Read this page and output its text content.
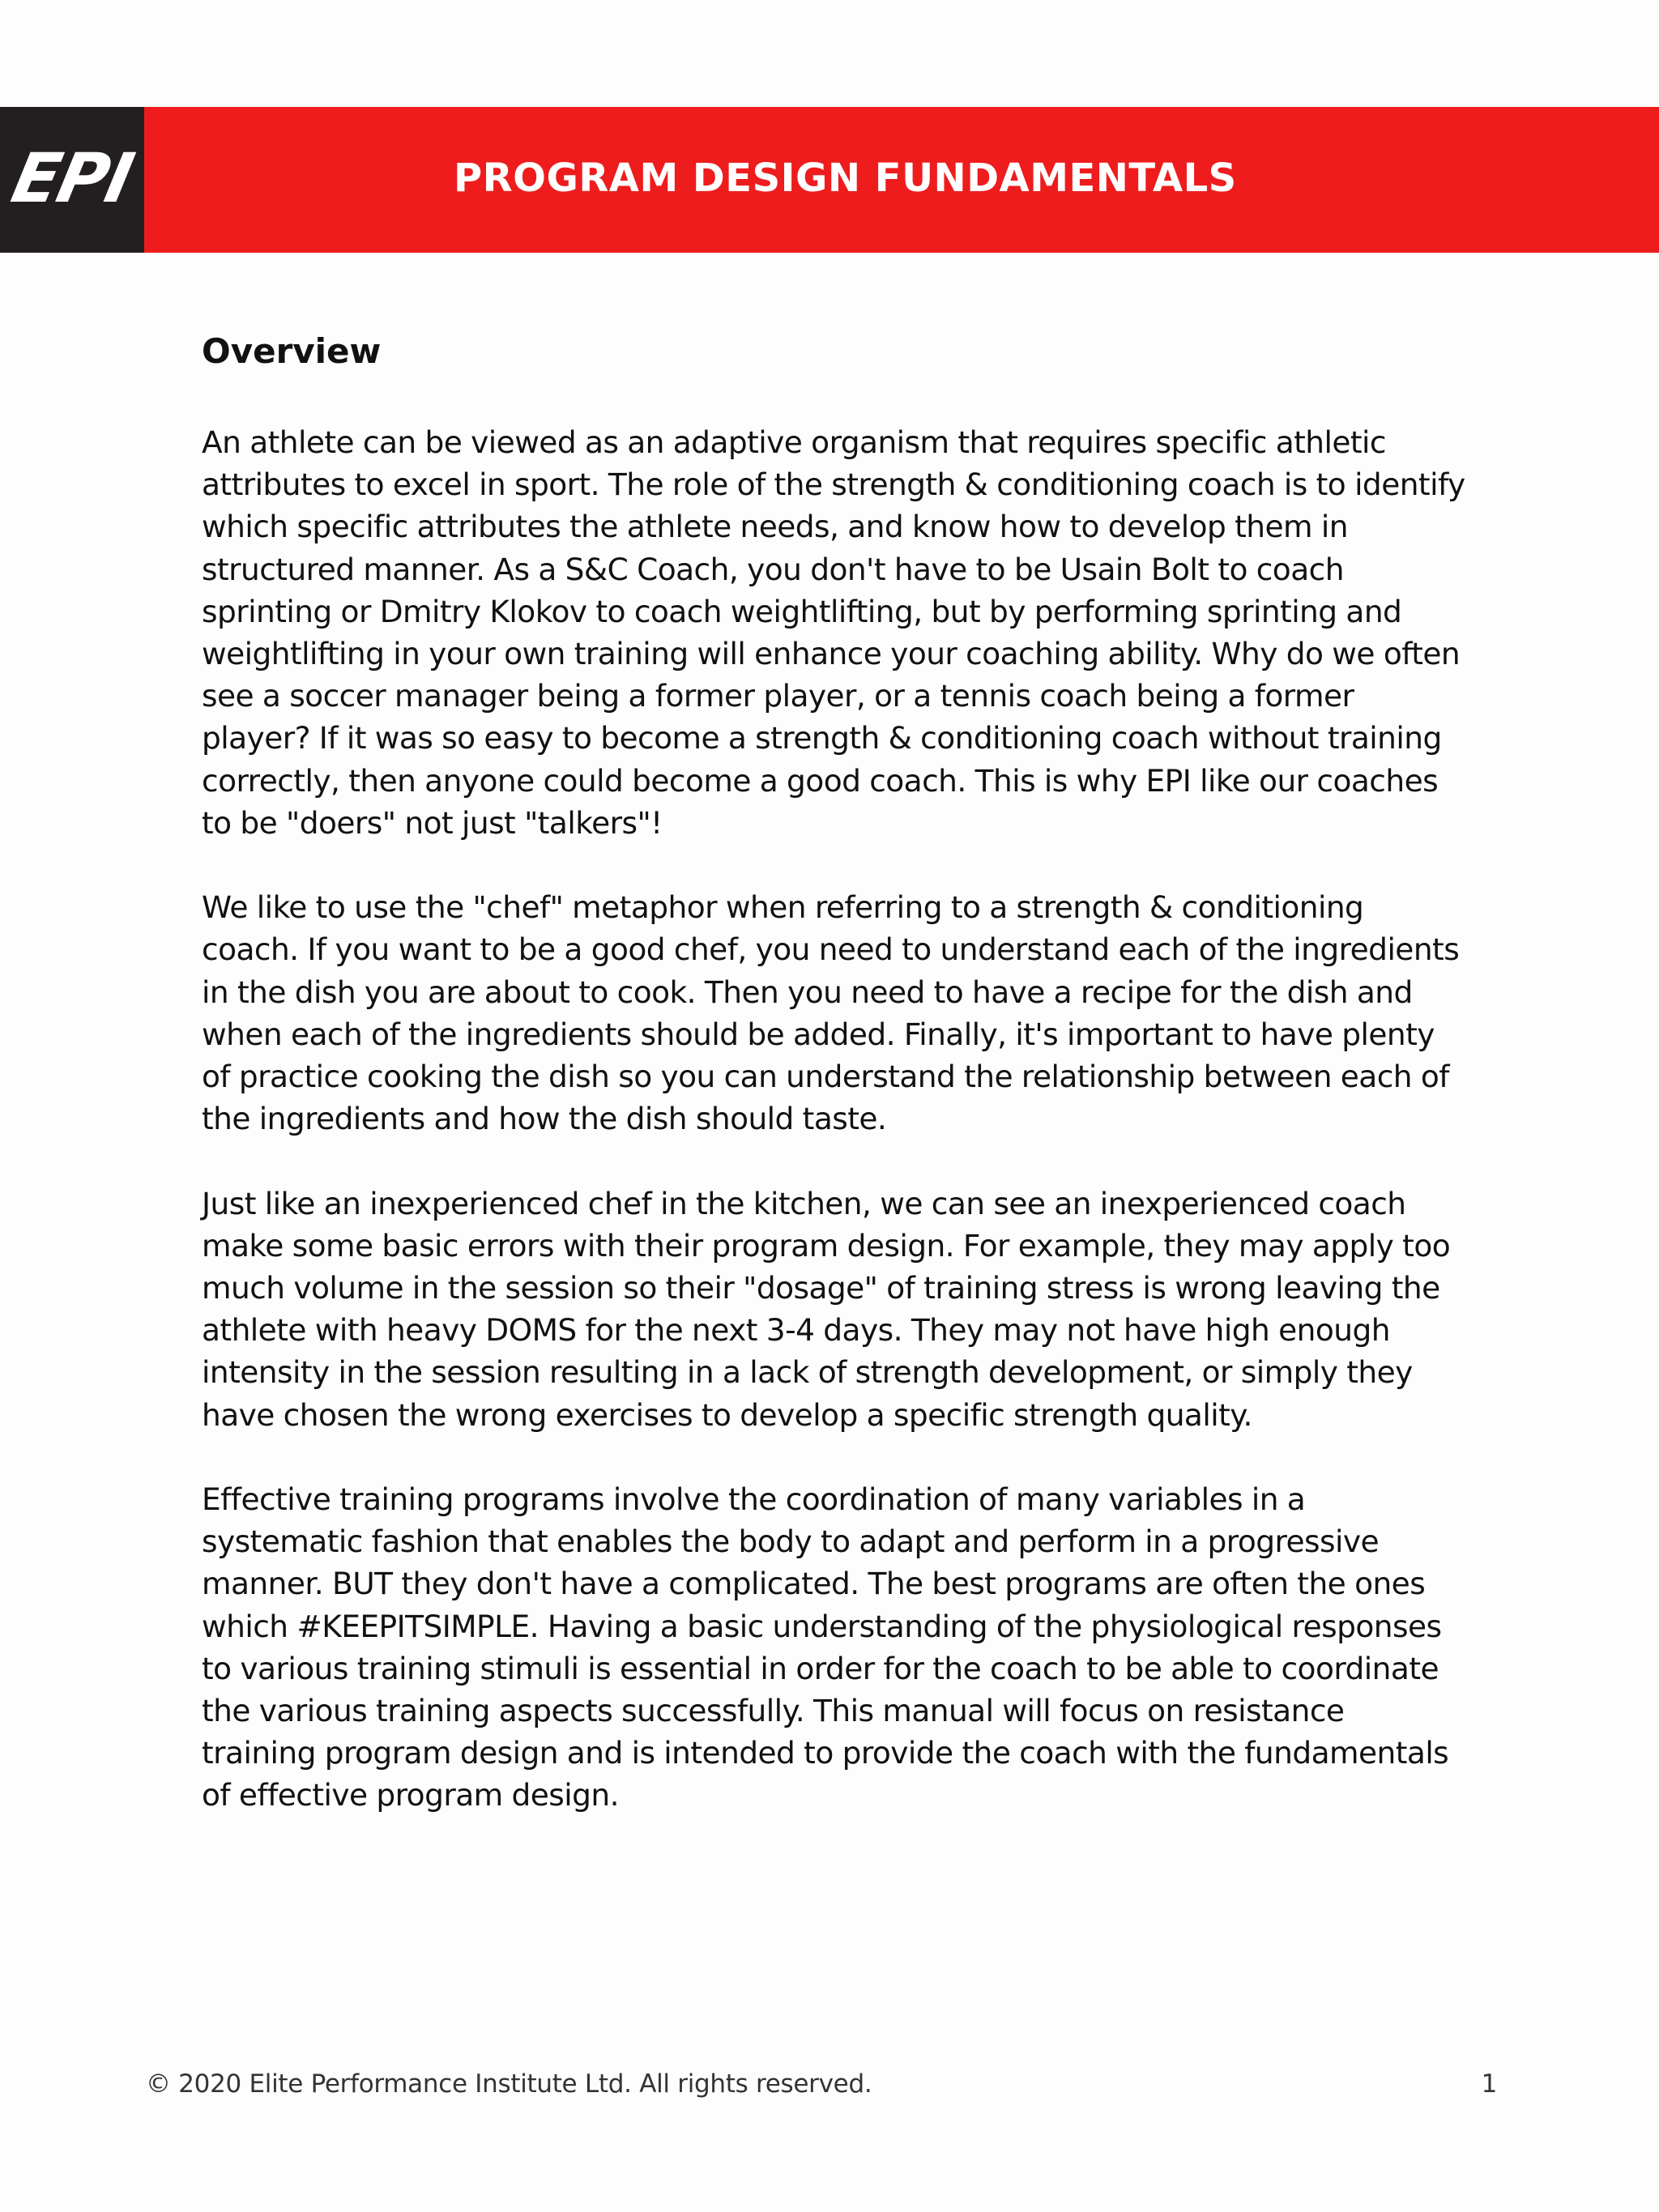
EPI	PROGRAM DESIGN FUNDAMENTALS
Overview

An athlete can be viewed as an adaptive organism that requires specific athletic attributes to excel in sport. The role of the strength & conditioning coach is to identify which specific attributes the athlete needs, and know how to develop them in structured manner. As a S&C Coach, you don't have to be Usain Bolt to coach sprinting or Dmitry Klokov to coach weightlifting, but by performing sprinting and weightlifting in your own training will enhance your coaching ability. Why do we often see a soccer manager being a former player, or a tennis coach being a former player? If it was so easy to become a strength & conditioning coach without training correctly, then anyone could become a good coach. This is why EPI like our coaches to be "doers" not just "talkers"!

We like to use the "chef" metaphor when referring to a strength & conditioning coach. If you want to be a good chef, you need to understand each of the ingredients in the dish you are about to cook. Then you need to have a recipe for the dish and when each of the ingredients should be added. Finally, it's important to have plenty of practice cooking the dish so you can understand the relationship between each of the ingredients and how the dish should taste.

Just like an inexperienced chef in the kitchen, we can see an inexperienced coach make some basic errors with their program design. For example, they may apply too much volume in the session so their "dosage" of training stress is wrong leaving the athlete with heavy DOMS for the next 3-4 days. They may not have high enough intensity in the session resulting in a lack of strength development, or simply they have chosen the wrong exercises to develop a specific strength quality.

Effective training programs involve the coordination of many variables in a systematic fashion that enables the body to adapt and perform in a progressive manner. BUT they don't have a complicated. The best programs are often the ones which #KEEPITSIMPLE. Having a basic understanding of the physiological responses to various training stimuli is essential in order for the coach to be able to coordinate the various training aspects successfully. This manual will focus on resistance training program design and is intended to provide the coach with the fundamentals of effective program design.

© 2020 Elite Performance Institute Ltd. All rights reserved.	1
